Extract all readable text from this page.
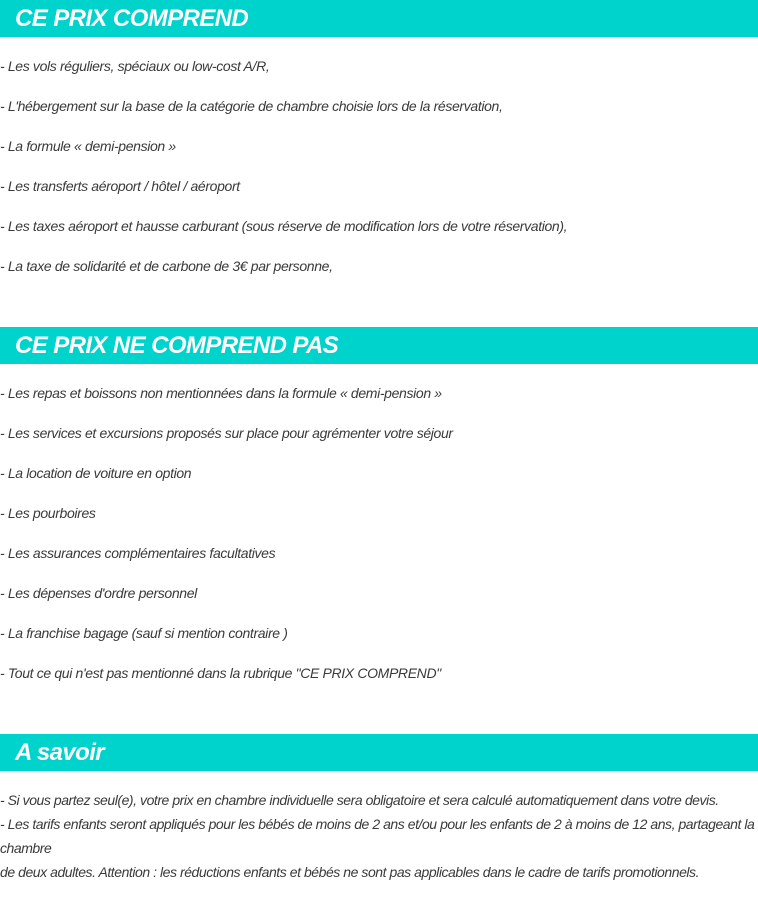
CE PRIX COMPREND
- Les vols réguliers, spéciaux ou low-cost A/R,
- L'hébergement sur la base de la catégorie de chambre choisie lors de la réservation,
- La formule « demi-pension »
- Les transferts aéroport / hôtel / aéroport
- Les taxes aéroport et hausse carburant (sous réserve de modification lors de votre réservation),
- La taxe de solidarité et de carbone de 3€ par personne,
CE PRIX NE COMPREND PAS
- Les repas et boissons non mentionnées dans la formule « demi-pension »
- Les services et excursions proposés sur place pour agrémenter votre séjour
- La location de voiture en option
- Les pourboires
- Les assurances complémentaires facultatives
- Les dépenses d'ordre personnel
- La franchise bagage (sauf si mention contraire )
- Tout ce qui n'est pas mentionné dans la rubrique "CE PRIX COMPREND"
A savoir
- Si vous partez seul(e), votre prix en chambre individuelle sera obligatoire et sera calculé automatiquement dans votre devis.
- Les tarifs enfants seront appliqués pour les bébés de moins de 2 ans et/ou pour les enfants de 2 à moins de 12 ans, partageant la chambre
de deux adultes. Attention : les réductions enfants et bébés ne sont pas applicables dans le cadre de tarifs promotionnels.
